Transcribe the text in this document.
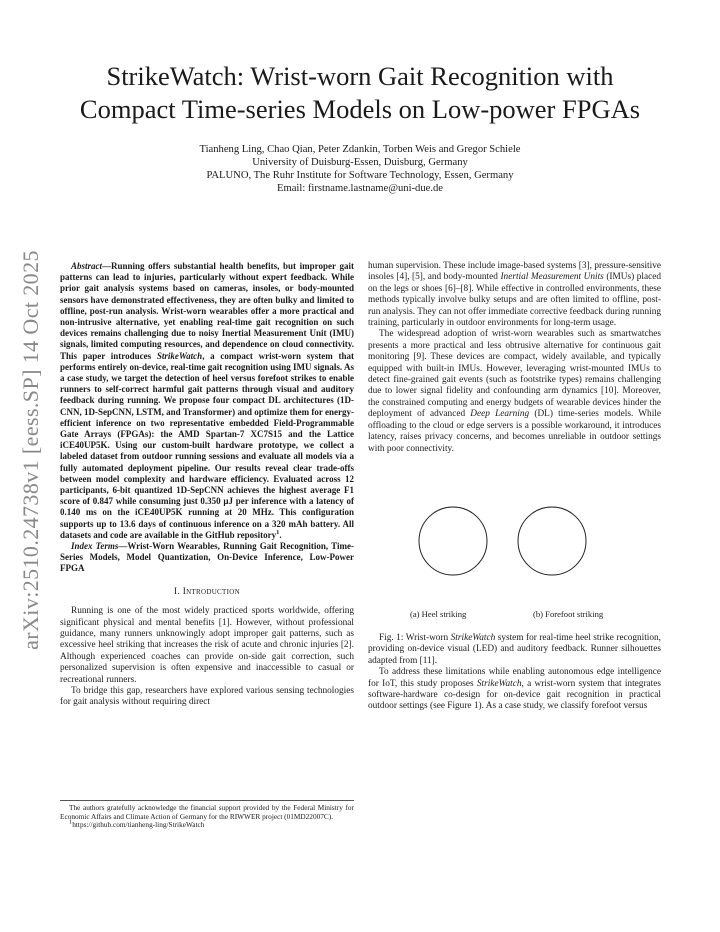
arXiv:2510.24738v1 [eess.SP] 14 Oct 2025
StrikeWatch: Wrist-worn Gait Recognition with
Compact Time-series Models on Low-power FPGAs
Tianheng Ling, Chao Qian, Peter Zdankin, Torben Weis and Gregor Schiele
University of Duisburg-Essen, Duisburg, Germany
PALUNO, The Ruhr Institute for Software Technology, Essen, Germany
Email: firstname.lastname@uni-due.de

Abstract—Running offers substantial health benefits, but improper gait patterns can lead to injuries, particularly without expert feedback. While prior gait analysis systems based on cameras, insoles, or body-mounted sensors have demonstrated effectiveness, they are often bulky and limited to offline, post-run analysis. Wrist-worn wearables offer a more practical and non-intrusive alternative, yet enabling real-time gait recognition on such devices remains challenging due to noisy Inertial Measurement Unit (IMU) signals, limited computing resources, and dependence on cloud connectivity. This paper introduces StrikeWatch, a compact wrist-worn system that performs entirely on-device, real-time gait recognition using IMU signals. As a case study, we target the detection of heel versus forefoot strikes to enable runners to self-correct harmful gait patterns through visual and auditory feedback during running. We propose four compact DL architectures (1D-CNN, 1D-SepCNN, LSTM, and Transformer) and optimize them for energy-efficient inference on two representative embedded Field-Programmable Gate Arrays (FPGAs): the AMD Spartan-7 XC7S15 and the Lattice iCE40UP5K. Using our custom-built hardware prototype, we collect a labeled dataset from outdoor running sessions and evaluate all models via a fully automated deployment pipeline. Our results reveal clear trade-offs between model complexity and hardware efficiency. Evaluated across 12 participants, 6-bit quantized 1D-SepCNN achieves the highest average F1 score of 0.847 while consuming just 0.350 μJ per inference with a latency of 0.140 ms on the iCE40UP5K running at 20 MHz. This configuration supports up to 13.6 days of continuous inference on a 320 mAh battery. All datasets and code are available in the GitHub repository$^1$.

Index Terms—Wrist-Worn Wearables, Running Gait Recognition, Time-Series Models, Model Quantization, On-Device Inference, Low-Power FPGA

I. Introduction

Running is one of the most widely practiced sports worldwide, offering significant physical and mental benefits [1]. However, without professional guidance, many runners unknowingly adopt improper gait patterns, such as excessive heel striking that increases the risk of acute and chronic injuries [2]. Although experienced coaches can provide on-side gait correction, such personalized supervision is often expensive and inaccessible to casual or recreational runners.

To bridge this gap, researchers have explored various sensing technologies for gait analysis without requiring direct

The authors gratefully acknowledge the financial support provided by the Federal Ministry for Economic Affairs and Climate Action of Germany for the RIWWER project (01MD22007C).

$^1$https://github.com/tianheng-ling/StrikeWatch

human supervision. These include image-based systems [3], pressure-sensitive insoles [4], [5], and body-mounted Inertial Measurement Units (IMUs) placed on the legs or shoes [6]–[8]. While effective in controlled environments, these methods typically involve bulky setups and are often limited to offline, post-run analysis. They can not offer immediate corrective feedback during running training, particularly in outdoor environments for long-term usage.

The widespread adoption of wrist-worn wearables such as smartwatches presents a more practical and less obtrusive alternative for continuous gait monitoring [9]. These devices are compact, widely available, and typically equipped with built-in IMUs. However, leveraging wrist-mounted IMUs to detect fine-grained gait events (such as footstrike types) remains challenging due to lower signal fidelity and confounding arm dynamics [10]. Moreover, the constrained computing and energy budgets of wearable devices hinder the deployment of advanced Deep Learning (DL) time-series models. While offloading to the cloud or edge servers is a possible workaround, it introduces latency, raises privacy concerns, and becomes unreliable in outdoor settings with poor connectivity.

(a) Heel striking	(b) Forefoot striking

Fig. 1: Wrist-worn StrikeWatch system for real-time heel strike recognition, providing on-device visual (LED) and auditory feedback. Runner silhouettes adapted from [11].

To address these limitations while enabling autonomous edge intelligence for IoT, this study proposes StrikeWatch, a wrist-worn system that integrates software-hardware co-design for on-device gait recognition in practical outdoor settings (see Figure 1). As a case study, we classify forefoot versus
